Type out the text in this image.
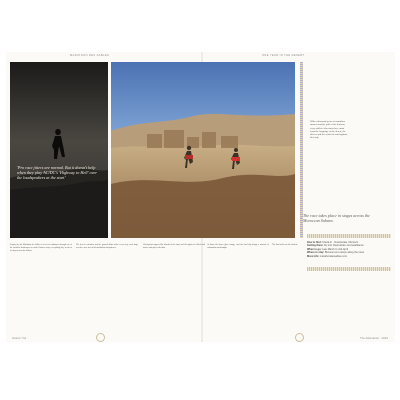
MARATHON DES SABLES	ONE YEAR IN THE DESERT
'Pro race jitters are normal. But it doesn't help when they play AC/DC's 'Highway to Hell' over the loudspeakers at the start'
With a thousand years of marathon runners and the pull of the horizon, every athlete who starts here must learn the language of the desert, the silence and the sound of sand against the body.
Journey by the Marathon des Sables is a test of endurance through one of the harshest landscapes on earth. Runners carry everything they need for six days across the Sahara.
The heat is relentless and the ground shifts under every step; each stage reveals a new test of determination and patience.
Checkpoints appear like islands in the sand, and the nights are filled with stories and quiet reflection.
At dawn the dunes glow orange, and the final day brings a mixture of exhaustion and triumph.
The final miles are the hardest.
The race takes place in stages across the Moroccan Sahara.
How to find: Check-in · Ouarzazate, Morocco
Getting there: Fly into Ouarzazate via Casablanca
When to go: Late March to mid-April
Where to stay: Bivouac tent camps along the route
More info: marathondessables.com
Grand / Vol	The Adventurer · 2024
